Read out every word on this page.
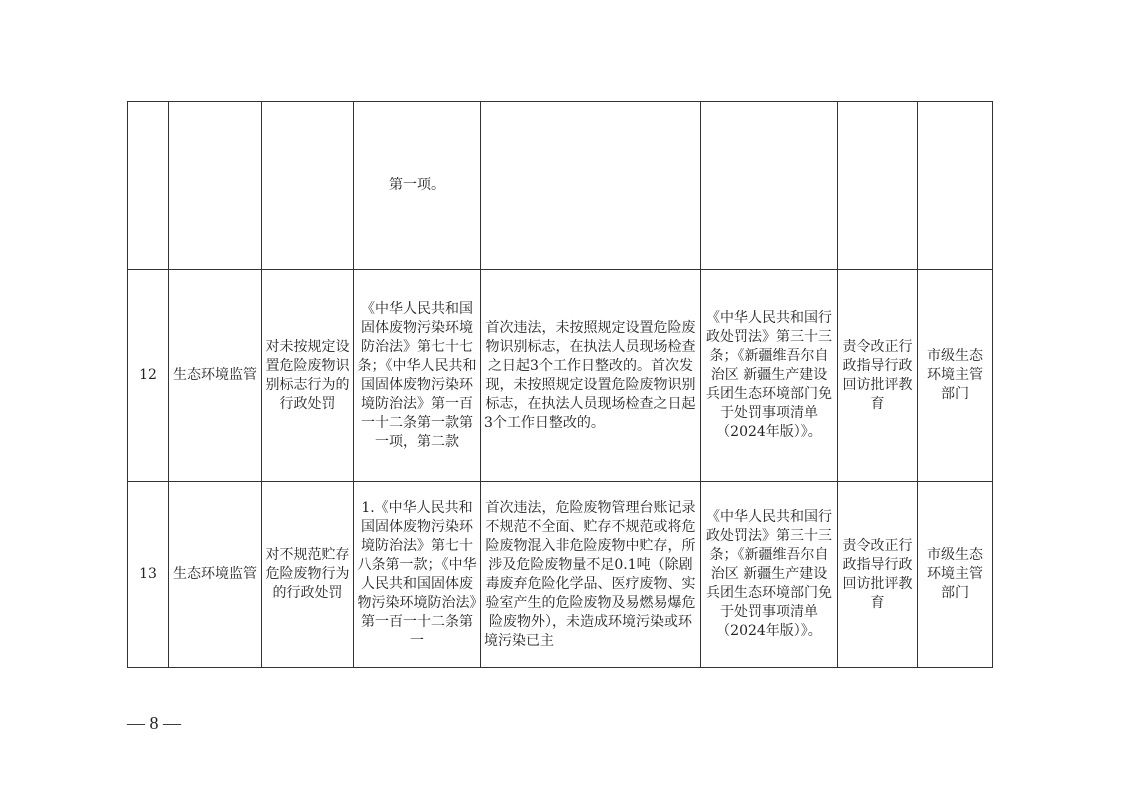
			第一项。				
12	生态环境监管	对未按规定设置危险废物识别标志行为的行政处罚	《中华人民共和国固体废物污染环境防治法》第七十七条；《中华人民共和国固体废物污染环境防治法》第一百一十二条第一款第一项，第二款	首次违法，未按照规定设置危险废物识别标志，在执法人员现场检查之日起3个工作日整改的。首次发现，未按照规定设置危险废物识别标志，在执法人员现场检查之日起3个工作日整改的。	《中华人民共和国行政处罚法》第三十三条；《新疆维吾尔自治区 新疆生产建设兵团生态环境部门免于处罚事项清单（2024年版）》。	责令改正行政指导行政回访批评教育	市级生态环境主管部门
13	生态环境监管	对不规范贮存危险废物行为的行政处罚	1.《中华人民共和国固体废物污染环境防治法》第七十八条第一款；《中华人民共和国固体废物污染环境防治法》第一百一十二条第一	首次违法，危险废物管理台账记录不规范不全面、贮存不规范或将危险废物混入非危险废物中贮存，所涉及危险废物量不足0.1吨（除剧毒废弃危险化学品、医疗废物、实验室产生的危险废物及易燃易爆危险废物外），未造成环境污染或环境污染已主	《中华人民共和国行政处罚法》第三十三条；《新疆维吾尔自治区 新疆生产建设兵团生态环境部门免于处罚事项清单（2024年版）》。	责令改正行政指导行政回访批评教育	市级生态环境主管部门
— 8 —
